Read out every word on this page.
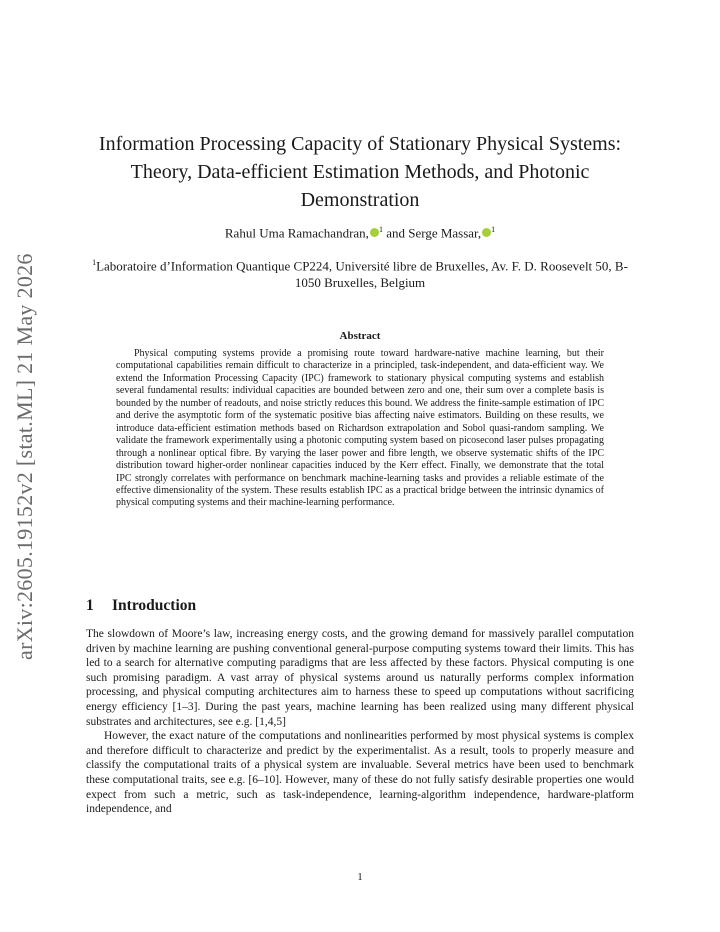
arXiv:2605.19152v2 [stat.ML] 21 May 2026
Information Processing Capacity of Stationary Physical Systems: Theory, Data-efficient Estimation Methods, and Photonic Demonstration
Rahul Uma Ramachandran, $^1$ and Serge Massar, $^1$
$^1$Laboratoire d’Information Quantique CP224, Université libre de Bruxelles, Av. F. D. Roosevelt 50, B-1050 Bruxelles, Belgium
Abstract
Physical computing systems provide a promising route toward hardware-native machine learning, but their computational capabilities remain difficult to characterize in a principled, task-independent, and data-efficient way. We extend the Information Processing Capacity (IPC) framework to stationary physical computing systems and establish several fundamental results: individual capacities are bounded between zero and one, their sum over a complete basis is bounded by the number of readouts, and noise strictly reduces this bound. We address the finite-sample estimation of IPC and derive the asymptotic form of the systematic positive bias affecting naive estimators. Building on these results, we introduce data-efficient estimation methods based on Richardson extrapolation and Sobol quasi-random sampling. We validate the framework experimentally using a photonic computing system based on picosecond laser pulses propagating through a nonlinear optical fibre. By varying the laser power and fibre length, we observe systematic shifts of the IPC distribution toward higher-order nonlinear capacities induced by the Kerr effect. Finally, we demonstrate that the total IPC strongly correlates with performance on benchmark machine-learning tasks and provides a reliable estimate of the effective dimensionality of the system. These results establish IPC as a practical bridge between the intrinsic dynamics of physical computing systems and their machine-learning performance.
1 Introduction

The slowdown of Moore’s law, increasing energy costs, and the growing demand for massively parallel computation driven by machine learning are pushing conventional general-purpose computing systems toward their limits. This has led to a search for alternative computing paradigms that are less affected by these factors. Physical computing is one such promising paradigm. A vast array of physical systems around us naturally performs complex information processing, and physical computing architectures aim to harness these to speed up computations without sacrificing energy efficiency [1–3]. During the past years, machine learning has been realized using many different physical substrates and architectures, see e.g. [1,4,5]

However, the exact nature of the computations and nonlinearities performed by most physical systems is complex and therefore difficult to characterize and predict by the experimentalist. As a result, tools to properly measure and classify the computational traits of a physical system are invaluable. Several metrics have been used to benchmark these computational traits, see e.g. [6–10]. However, many of these do not fully satisfy desirable properties one would expect from such a metric, such as task-independence, learning-algorithm independence, hardware-platform independence, and

1
